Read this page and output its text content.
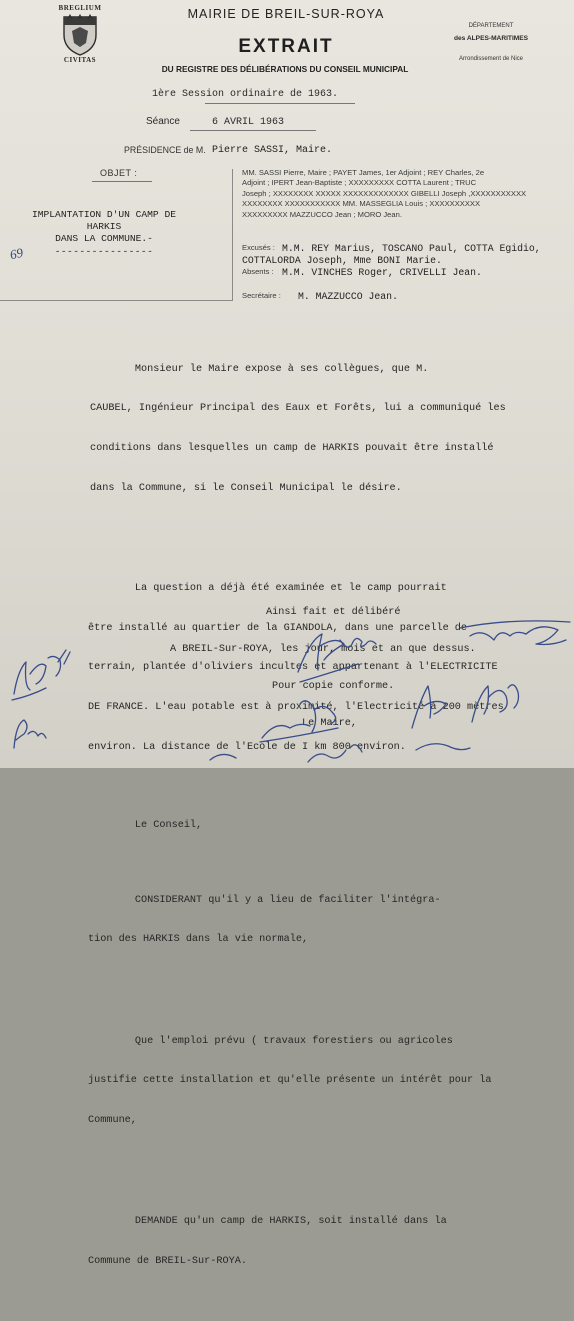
BREGLIUM
CIVITAS
MAIRIE DE BREIL-SUR-ROYA
EXTRAIT
DU REGISTRE DES DÉLIBÉRATIONS DU CONSEIL MUNICIPAL
DÉPARTEMENT
des ALPES-MARITIMES
Arrondissement de Nice
1ère Session ordinaire de 1963.
Séance	6 AVRIL 1963
PRÉSIDENCE de M. Pierre SASSI, Maire.
OBJET :
IMPLANTATION D'UN CAMP DE
HARKIS
DANS LA COMMUNE.-
----------------
69
MM. SASSI Pierre, Maire ; PAYET James, 1er Adjoint ; REY Charles, 2e
Adjoint ; IPERT Jean-Baptiste ; XXXXXXXXX COTTA Laurent ; TRUC
Joseph ; XXXXXXXX XXXXX XXXXXXXXXXXXX GIBELLI Joseph ,XXXXXXXXXXX
XXXXXXXX XXXXXXXXXXX MM. MASSEGLIA Louis ; XXXXXXXXXX
XXXXXXXXX MAZZUCCO Jean ; MORO Jean.
Excusés : M.M. REY Marius, TOSCANO Paul, COTTA Egidio,
COTTALORDA Joseph, Mme BONI Marie.
Absents : M.M. VINCHES Roger, CRIVELLI Jean.
Secrétaire : M. MAZZUCCO Jean.

Monsieur le Maire expose à ses collègues, que M.

CAUBEL, Ingénieur Principal des Eaux et Forêts, lui a communiqué les

conditions dans lesquelles un camp de HARKIS pouvait être installé

dans la Commune, si le Conseil Municipal le désire.

La question a déjà été examinée et le camp pourrait

être installé au quartier de la GIANDOLA, dans une parcelle de

terrain, plantée d'oliviers incultes et appartenant à l'ELECTRICITE

DE FRANCE. L'eau potable est à proximité, l'Electricité à 200 mètres

environ. La distance de l'Ecole de I km 800 environ.

Le Conseil,

CONSIDERANT qu'il y a lieu de faciliter l'intégra-

tion des HARKIS dans la vie normale,

Que l'emploi prévu ( travaux forestiers ou agricoles

justifie cette installation et qu'elle présente un intérêt pour la

Commune,

DEMANDE qu'un camp de HARKIS, soit installé dans la

Commune de BREIL-Sur-ROYA.

Ainsi fait et délibéré

A BREIL-Sur-ROYA, les jour, mois et an que dessus.

Pour copie conforme.

Le Maire,
